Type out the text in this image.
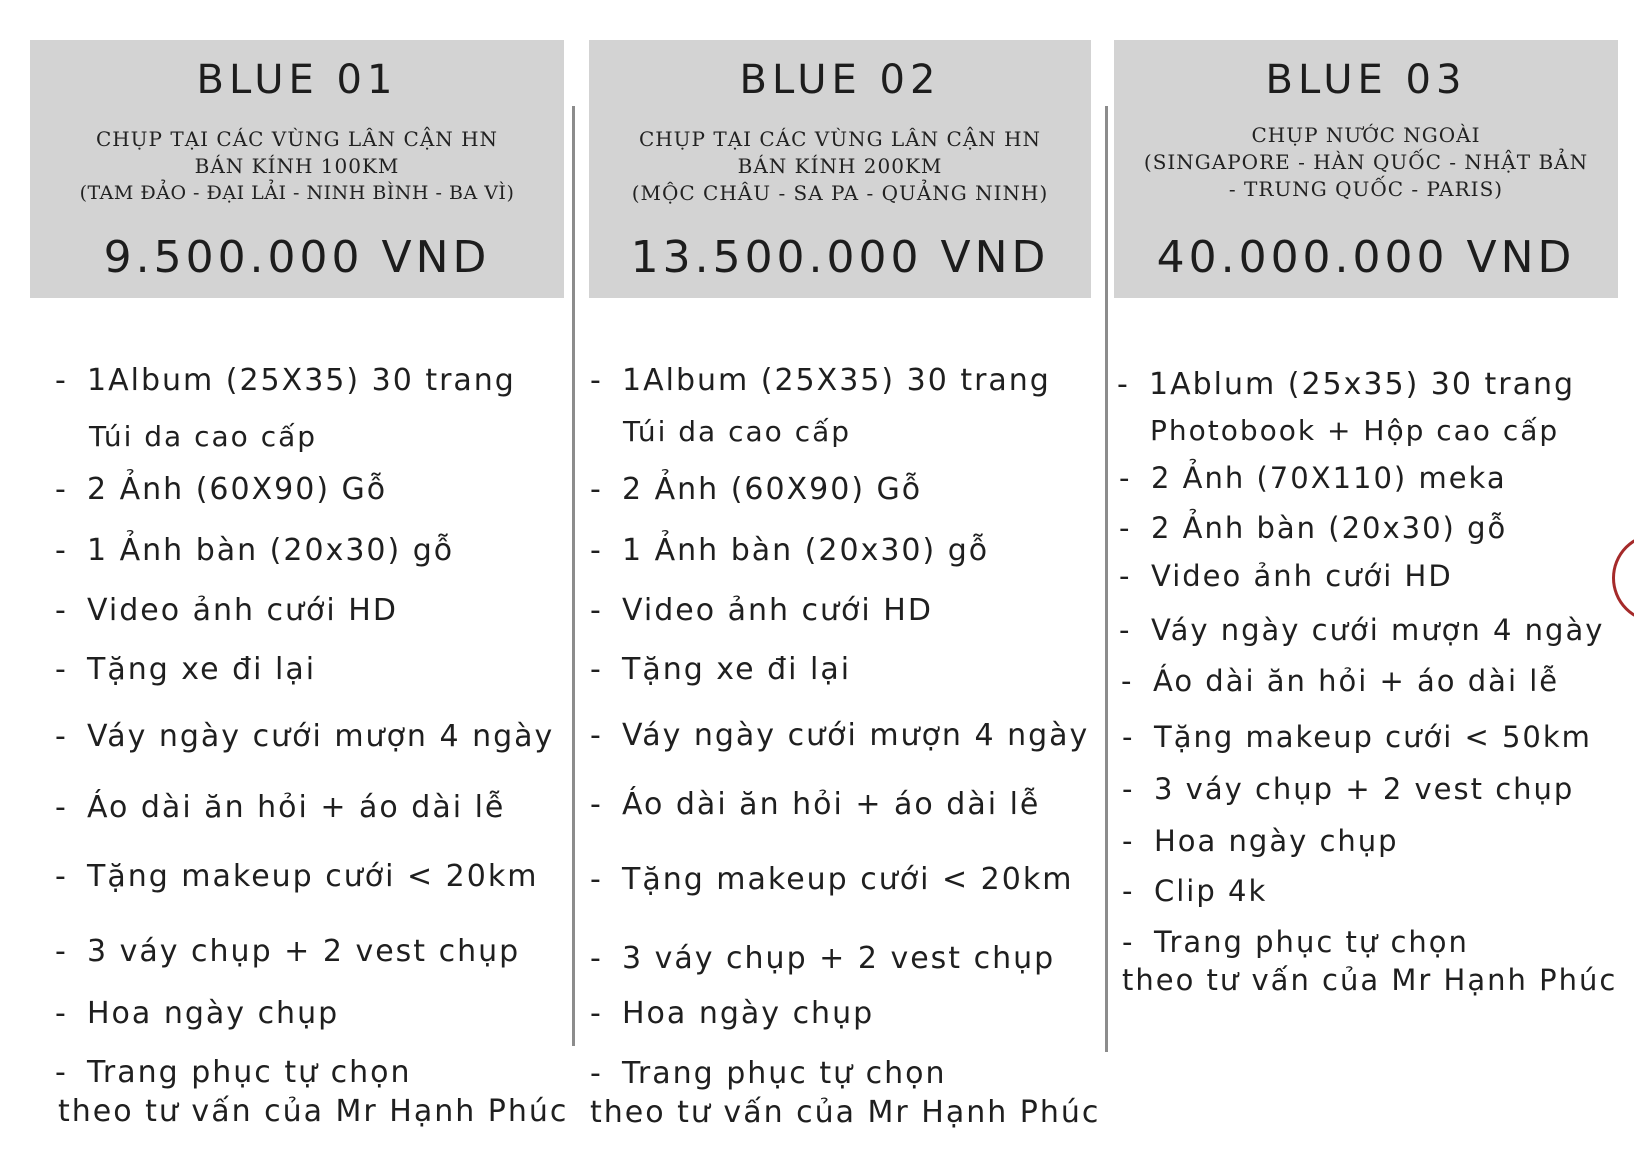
BLUE 01
CHỤP TẠI CÁC VÙNG LÂN CẬN HN
BÁN KÍNH 100KM
(TAM ĐẢO - ĐẠI LẢI - NINH BÌNH - BA VÌ)
9.500.000 VND
- 1Album (25X35) 30 trang
Túi da cao cấp
- 2 Ảnh (60X90) Gỗ
- 1 Ảnh bàn (20x30) gỗ
- Video ảnh cưới HD
- Tặng xe đi lại
- Váy ngày cưới mượn 4 ngày
- Áo dài ăn hỏi + áo dài lễ
- Tặng makeup cưới < 20km
- 3 váy chụp + 2 vest chụp
- Hoa ngày chụp
- Trang phục tự chọn
theo tư vấn của Mr Hạnh Phúc
BLUE 02
CHỤP TẠI CÁC VÙNG LÂN CẬN HN
BÁN KÍNH 200KM
(MỘC CHÂU - SA PA - QUẢNG NINH)
13.500.000 VND
- 1Album (25X35) 30 trang
Túi da cao cấp
- 2 Ảnh (60X90) Gỗ
- 1 Ảnh bàn (20x30) gỗ
- Video ảnh cưới HD
- Tặng xe đi lại
- Váy ngày cưới mượn 4 ngày
- Áo dài ăn hỏi + áo dài lễ
- Tặng makeup cưới < 20km
- 3 váy chụp + 2 vest chụp
- Hoa ngày chụp
- Trang phục tự chọn
theo tư vấn của Mr Hạnh Phúc
BLUE 03
CHỤP NƯỚC NGOÀI
(SINGAPORE - HÀN QUỐC - NHẬT BẢN
- TRUNG QUỐC - PARIS)
40.000.000 VND
- 1Ablum (25x35) 30 trang
Photobook + Hộp cao cấp
- 2 Ảnh (70X110) meka
- 2 Ảnh bàn (20x30) gỗ
- Video ảnh cưới HD
- Váy ngày cưới mượn 4 ngày
- Áo dài ăn hỏi + áo dài lễ
- Tặng makeup cưới < 50km
- 3 váy chụp + 2 vest chụp
- Hoa ngày chụp
- Clip 4k
- Trang phục tự chọn
theo tư vấn của Mr Hạnh Phúc
